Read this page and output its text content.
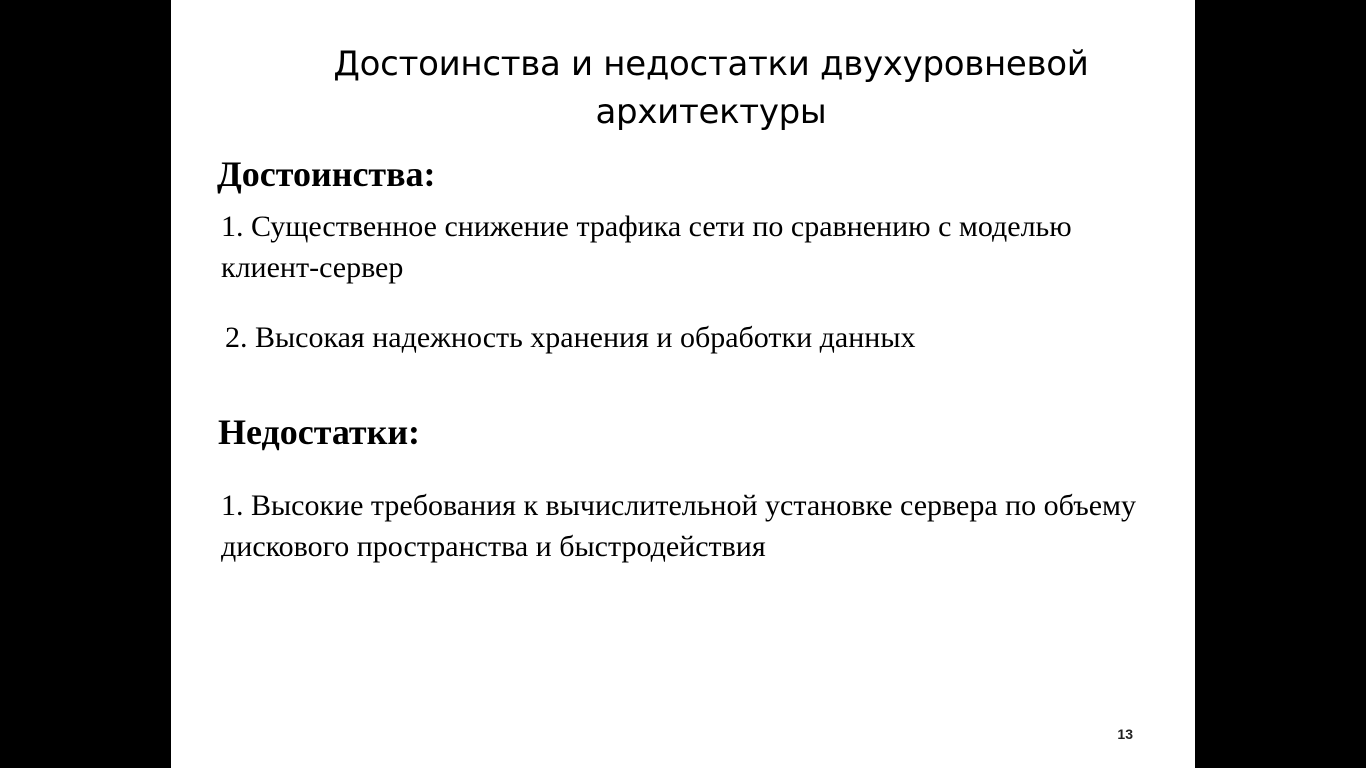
Достоинства и недостатки двухуровневой архитектуры
Достоинства:

1. Существенное снижение трафика сети по сравнению с моделью клиент-сервер

2. Высокая надежность хранения и обработки данных

Недостатки:

1. Высокие требования к вычислительной установке сервера по объему дискового пространства и быстродействия

13
